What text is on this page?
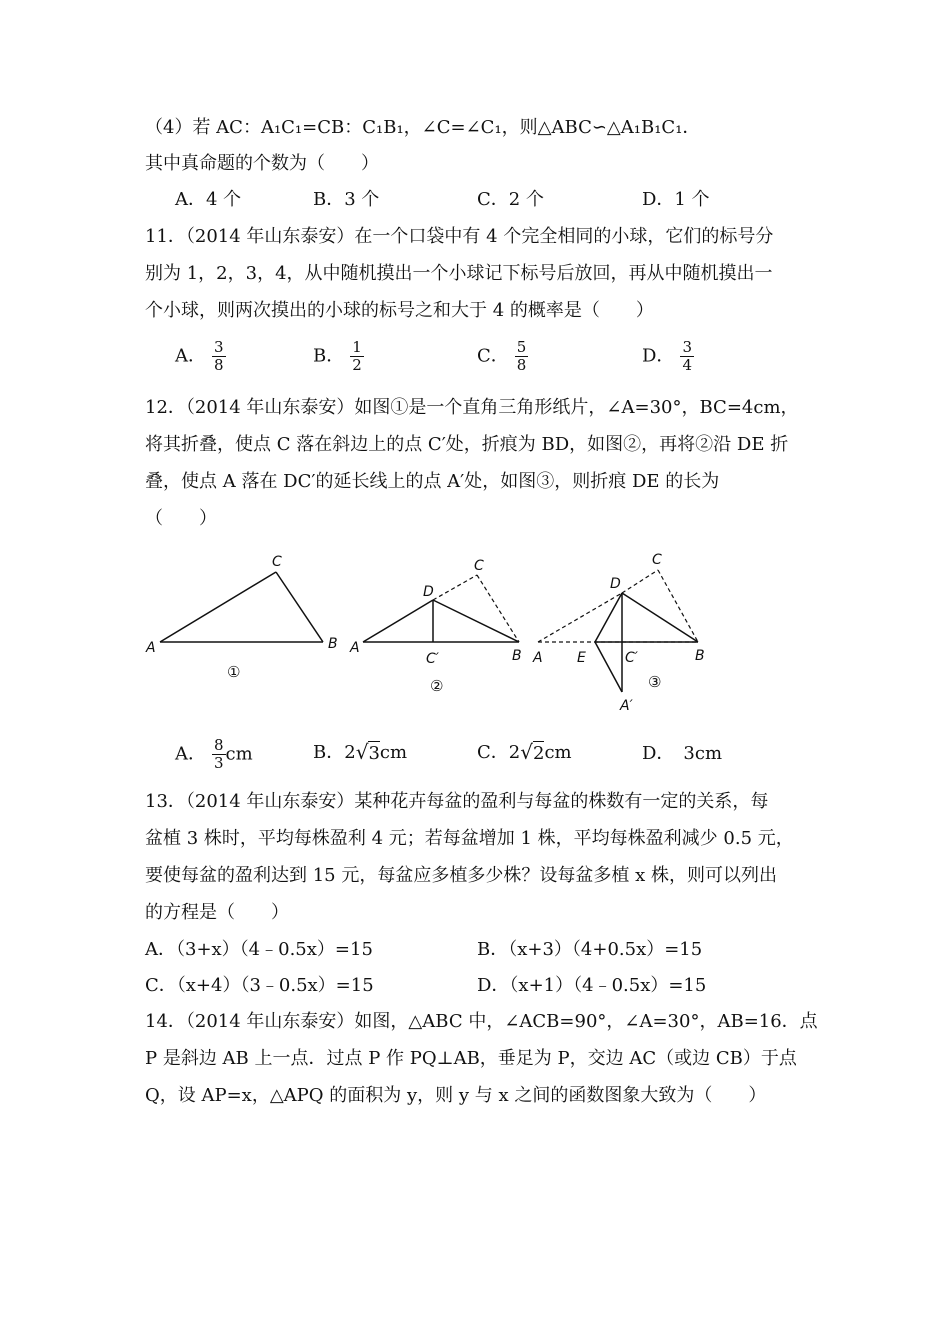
（4）若 AC：A₁C₁=CB：C₁B₁，∠C=∠C₁，则△ABC∽△A₁B₁C₁．
其中真命题的个数为（　　）
A．4 个	B．3 个	C．2 个	D．1 个
11．（2014 年山东泰安）在一个口袋中有 4 个完全相同的小球，它们的标号分
别为 1，2，3，4，从中随机摸出一个小球记下标号后放回，再从中随机摸出一
个小球，则两次摸出的小球的标号之和大于 4 的概率是（　　）
A． $\frac{3}{8}$	B． $\frac{1}{2}$	C． $\frac{5}{8}$	D． $\frac{3}{4}$
12．（2014 年山东泰安）如图①是一个直角三角形纸片，∠A=30°，BC=4cm，
将其折叠，使点 C 落在斜边上的点 C′处，折痕为 BD，如图②，再将②沿 DE 折
叠，使点 A 落在 DC′的延长线上的点 A′处，如图③，则折痕 DE 的长为
（　　）
A	B
C
①
A	B
C
D
C′
②
A	B
C
D
E	C′
A′
③
A． $\frac{8}{3}$ cm	B．2√3cm	C．2√2cm	D．　3cm
13．（2014 年山东泰安）某种花卉每盆的盈利与每盆的株数有一定的关系，每
盆植 3 株时，平均每株盈利 4 元；若每盆增加 1 株，平均每株盈利减少 0.5 元，
要使每盆的盈利达到 15 元，每盆应多植多少株？设每盆多植 x 株，则可以列出
的方程是（　　）
A．（3+x）（4﹣0.5x）=15	B．（x+3）（4+0.5x）=15
C．（x+4）（3﹣0.5x）=15	D．（x+1）（4﹣0.5x）=15
14．（2014 年山东泰安）如图，△ABC 中，∠ACB=90°，∠A=30°，AB=16．点
P 是斜边 AB 上一点．过点 P 作 PQ⊥AB，垂足为 P，交边 AC（或边 CB）于点
Q，设 AP=x，△APQ 的面积为 y，则 y 与 x 之间的函数图象大致为（　　）
